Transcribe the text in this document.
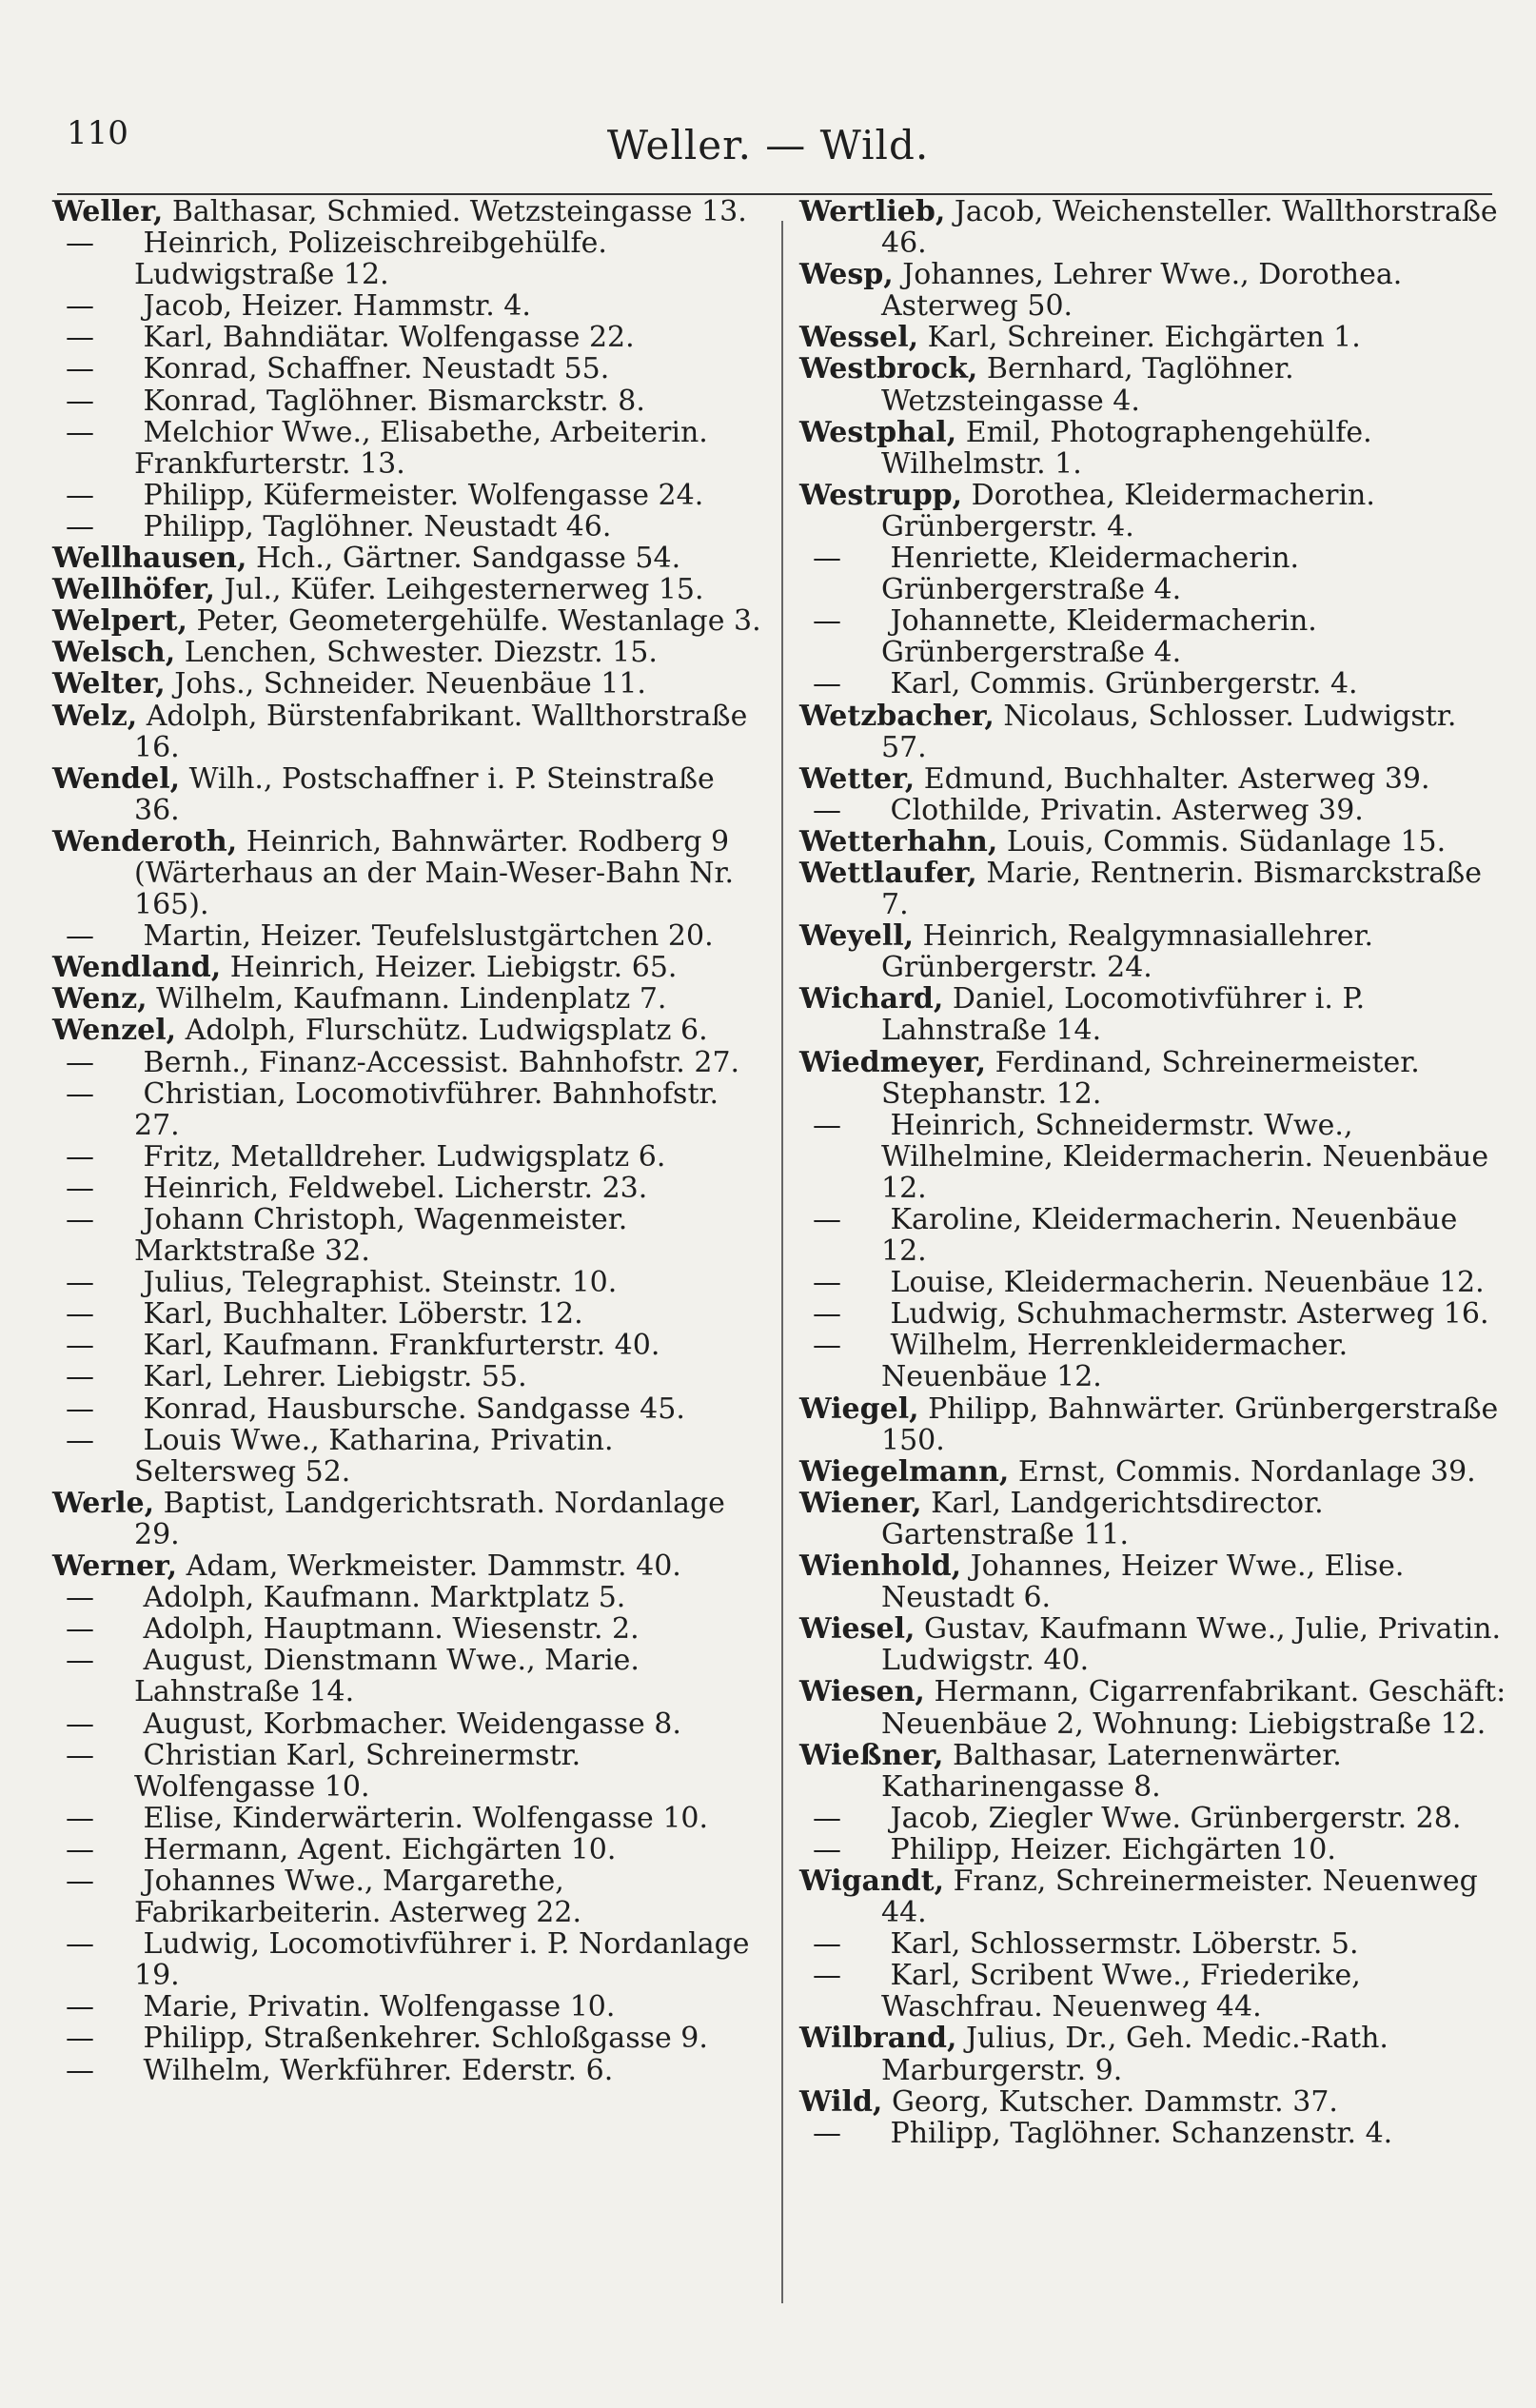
110	Weller. — Wild.

Weller, Balthasar, Schmied. Wetzsteingasse 13.

— Heinrich, Polizeischreibgehülfe. Ludwigstraße 12.

— Jacob, Heizer. Hammstr. 4.

— Karl, Bahndiätar. Wolfengasse 22.

— Konrad, Schaffner. Neustadt 55.

— Konrad, Taglöhner. Bismarckstr. 8.

— Melchior Wwe., Elisabethe, Arbeiterin. Frankfurterstr. 13.

— Philipp, Küfermeister. Wolfengasse 24.

— Philipp, Taglöhner. Neustadt 46.

Wellhausen, Hch., Gärtner. Sandgasse 54.

Wellhöfer, Jul., Küfer. Leihgesternerweg 15.

Welpert, Peter, Geometergehülfe. Westanlage 3.

Welsch, Lenchen, Schwester. Diezstr. 15.

Welter, Johs., Schneider. Neuenbäue 11.

Welz, Adolph, Bürstenfabrikant. Wallthorstraße 16.

Wendel, Wilh., Postschaffner i. P. Steinstraße 36.

Wenderoth, Heinrich, Bahnwärter. Rodberg 9 (Wärterhaus an der Main-Weser-Bahn Nr. 165).

— Martin, Heizer. Teufelslustgärtchen 20.

Wendland, Heinrich, Heizer. Liebigstr. 65.

Wenz, Wilhelm, Kaufmann. Lindenplatz 7.

Wenzel, Adolph, Flurschütz. Ludwigsplatz 6.

— Bernh., Finanz-Accessist. Bahnhofstr. 27.

— Christian, Locomotivführer. Bahnhofstr. 27.

— Fritz, Metalldreher. Ludwigsplatz 6.

— Heinrich, Feldwebel. Licherstr. 23.

— Johann Christoph, Wagenmeister. Marktstraße 32.

— Julius, Telegraphist. Steinstr. 10.

— Karl, Buchhalter. Löberstr. 12.

— Karl, Kaufmann. Frankfurterstr. 40.

— Karl, Lehrer. Liebigstr. 55.

— Konrad, Hausbursche. Sandgasse 45.

— Louis Wwe., Katharina, Privatin. Seltersweg 52.

Werle, Baptist, Landgerichtsrath. Nordanlage 29.

Werner, Adam, Werkmeister. Dammstr. 40.

— Adolph, Kaufmann. Marktplatz 5.

— Adolph, Hauptmann. Wiesenstr. 2.

— August, Dienstmann Wwe., Marie. Lahnstraße 14.

— August, Korbmacher. Weidengasse 8.

— Christian Karl, Schreinermstr. Wolfengasse 10.

— Elise, Kinderwärterin. Wolfengasse 10.

— Hermann, Agent. Eichgärten 10.

— Johannes Wwe., Margarethe, Fabrikarbeiterin. Asterweg 22.

— Ludwig, Locomotivführer i. P. Nordanlage 19.

— Marie, Privatin. Wolfengasse 10.

— Philipp, Straßenkehrer. Schloßgasse 9.

— Wilhelm, Werkführer. Ederstr. 6.

Wertlieb, Jacob, Weichensteller. Wallthorstraße 46.

Wesp, Johannes, Lehrer Wwe., Dorothea. Asterweg 50.

Wessel, Karl, Schreiner. Eichgärten 1.

Westbrock, Bernhard, Taglöhner. Wetzsteingasse 4.

Westphal, Emil, Photographengehülfe. Wilhelmstr. 1.

Westrupp, Dorothea, Kleidermacherin. Grünbergerstr. 4.

— Henriette, Kleidermacherin. Grünbergerstraße 4.

— Johannette, Kleidermacherin. Grünbergerstraße 4.

— Karl, Commis. Grünbergerstr. 4.

Wetzbacher, Nicolaus, Schlosser. Ludwigstr. 57.

Wetter, Edmund, Buchhalter. Asterweg 39.

— Clothilde, Privatin. Asterweg 39.

Wetterhahn, Louis, Commis. Südanlage 15.

Wettlaufer, Marie, Rentnerin. Bismarckstraße 7.

Weyell, Heinrich, Realgymnasiallehrer. Grünbergerstr. 24.

Wichard, Daniel, Locomotivführer i. P. Lahnstraße 14.

Wiedmeyer, Ferdinand, Schreinermeister. Stephanstr. 12.

— Heinrich, Schneidermstr. Wwe., Wilhelmine, Kleidermacherin. Neuenbäue 12.

— Karoline, Kleidermacherin. Neuenbäue 12.

— Louise, Kleidermacherin. Neuenbäue 12.

— Ludwig, Schuhmachermstr. Asterweg 16.

— Wilhelm, Herrenkleidermacher. Neuenbäue 12.

Wiegel, Philipp, Bahnwärter. Grünbergerstraße 150.

Wiegelmann, Ernst, Commis. Nordanlage 39.

Wiener, Karl, Landgerichtsdirector. Gartenstraße 11.

Wienhold, Johannes, Heizer Wwe., Elise. Neustadt 6.

Wiesel, Gustav, Kaufmann Wwe., Julie, Privatin. Ludwigstr. 40.

Wiesen, Hermann, Cigarrenfabrikant. Geschäft: Neuenbäue 2, Wohnung: Liebigstraße 12.

Wießner, Balthasar, Laternenwärter. Katharinengasse 8.

— Jacob, Ziegler Wwe. Grünbergerstr. 28.

— Philipp, Heizer. Eichgärten 10.

Wigandt, Franz, Schreinermeister. Neuenweg 44.

— Karl, Schlossermstr. Löberstr. 5.

— Karl, Scribent Wwe., Friederike, Waschfrau. Neuenweg 44.

Wilbrand, Julius, Dr., Geh. Medic.-Rath. Marburgerstr. 9.

Wild, Georg, Kutscher. Dammstr. 37.

— Philipp, Taglöhner. Schanzenstr. 4.
